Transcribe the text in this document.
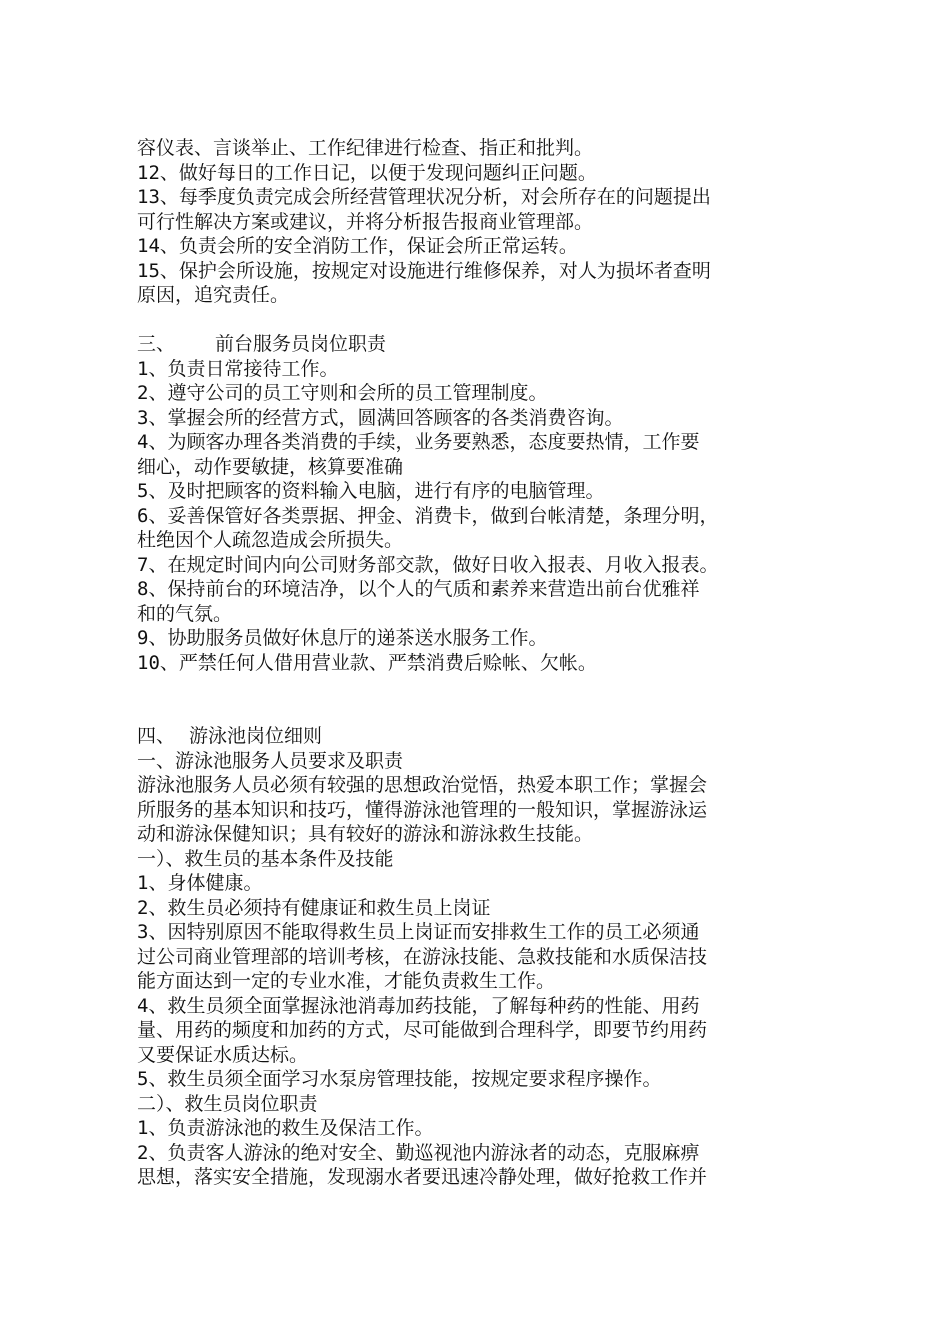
容仪表、言谈举止、工作纪律进行检查、指正和批判。
12、做好每日的工作日记，以便于发现问题纠正问题。
13、每季度负责完成会所经营管理状况分析，对会所存在的问题提出
可行性解决方案或建议，并将分析报告报商业管理部。
14、负责会所的安全消防工作，保证会所正常运转。
15、保护会所设施，按规定对设施进行维修保养，对人为损坏者查明
原因，追究责任。
三、 前台服务员岗位职责
1、负责日常接待工作。
2、遵守公司的员工守则和会所的员工管理制度。
3、掌握会所的经营方式，圆满回答顾客的各类消费咨询。
4、为顾客办理各类消费的手续，业务要熟悉，态度要热情，工作要
细心，动作要敏捷，核算要准确
5、及时把顾客的资料输入电脑，进行有序的电脑管理。
6、妥善保管好各类票据、押金、消费卡，做到台帐清楚，条理分明，
杜绝因个人疏忽造成会所损失。
7、在规定时间内向公司财务部交款，做好日收入报表、月收入报表。
8、保持前台的环境洁净，以个人的气质和素养来营造出前台优雅祥
和的气氛。
9、协助服务员做好休息厅的递茶送水服务工作。
10、严禁任何人借用营业款、严禁消费后赊帐、欠帐。
四、 游泳池岗位细则
一、游泳池服务人员要求及职责
游泳池服务人员必须有较强的思想政治觉悟，热爱本职工作；掌握会
所服务的基本知识和技巧，懂得游泳池管理的一般知识，掌握游泳运
动和游泳保健知识；具有较好的游泳和游泳救生技能。
一）、救生员的基本条件及技能
1、身体健康。
2、救生员必须持有健康证和救生员上岗证
3、因特别原因不能取得救生员上岗证而安排救生工作的员工必须通
过公司商业管理部的培训考核，在游泳技能、急救技能和水质保洁技
能方面达到一定的专业水准，才能负责救生工作。
4、救生员须全面掌握泳池消毒加药技能，了解每种药的性能、用药
量、用药的频度和加药的方式，尽可能做到合理科学，即要节约用药
又要保证水质达标。
5、救生员须全面学习水泵房管理技能，按规定要求程序操作。
二）、救生员岗位职责
1、负责游泳池的救生及保洁工作。
2、负责客人游泳的绝对安全、勤巡视池内游泳者的动态，克服麻痹
思想，落实安全措施，发现溺水者要迅速冷静处理，做好抢救工作并
